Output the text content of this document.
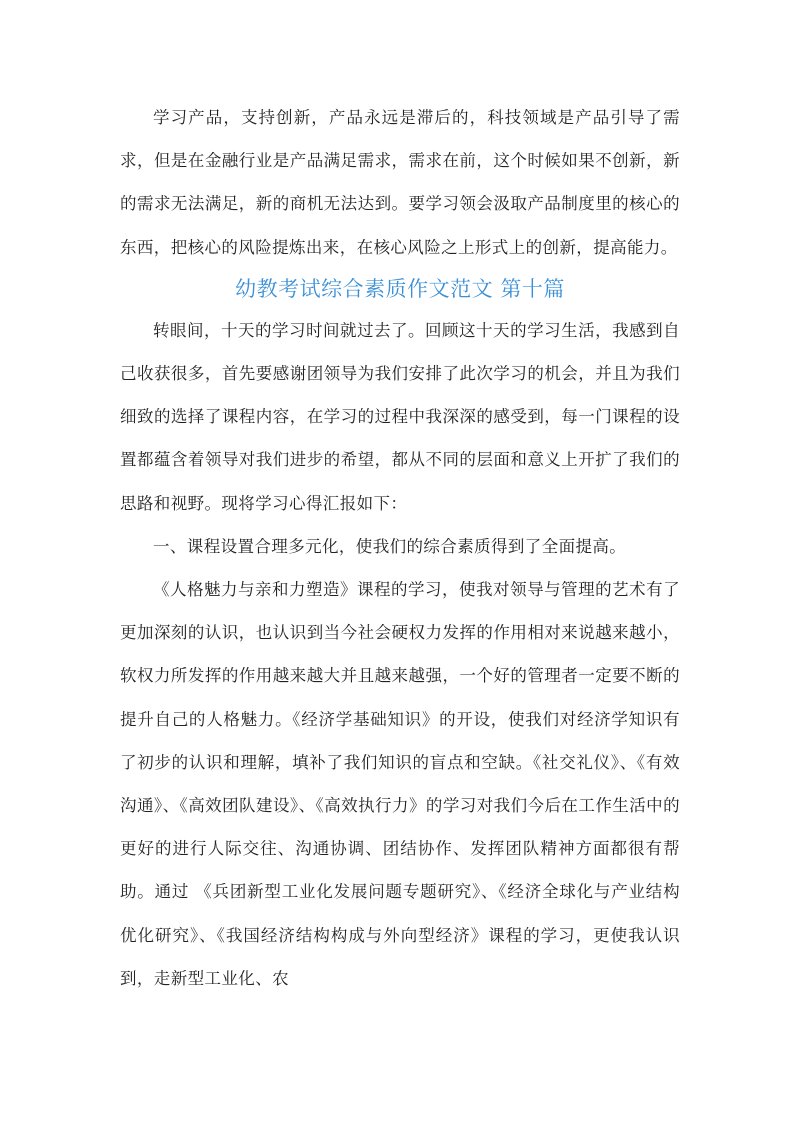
学习产品，支持创新，产品永远是滞后的，科技领域是产品引导了需求，但是在金融行业是产品满足需求，需求在前，这个时候如果不创新，新的需求无法满足，新的商机无法达到。要学习领会汲取产品制度里的核心的东西，把核心的风险提炼出来，在核心风险之上形式上的创新，提高能力。

幼教考试综合素质作文范文 第十篇

转眼间，十天的学习时间就过去了。回顾这十天的学习生活，我感到自己收获很多，首先要感谢团领导为我们安排了此次学习的机会，并且为我们细致的选择了课程内容，在学习的过程中我深深的感受到，每一门课程的设置都蕴含着领导对我们进步的希望，都从不同的层面和意义上开扩了我们的思路和视野。现将学习心得汇报如下：

一、课程设置合理多元化，使我们的综合素质得到了全面提高。

《人格魅力与亲和力塑造》课程的学习，使我对领导与管理的艺术有了更加深刻的认识，也认识到当今社会硬权力发挥的作用相对来说越来越小，软权力所发挥的作用越来越大并且越来越强，一个好的管理者一定要不断的提升自己的人格魅力。《经济学基础知识》的开设，使我们对经济学知识有了初步的认识和理解，填补了我们知识的盲点和空缺。《社交礼仪》、《有效沟通》、《高效团队建设》、《高效执行力》的学习对我们今后在工作生活中的更好的进行人际交往、沟通协调、团结协作、发挥团队精神方面都很有帮助。通过 《兵团新型工业化发展问题专题研究》、《经济全球化与产业结构优化研究》、《我国经济结构构成与外向型经济》课程的学习，更使我认识到，走新型工业化、农
